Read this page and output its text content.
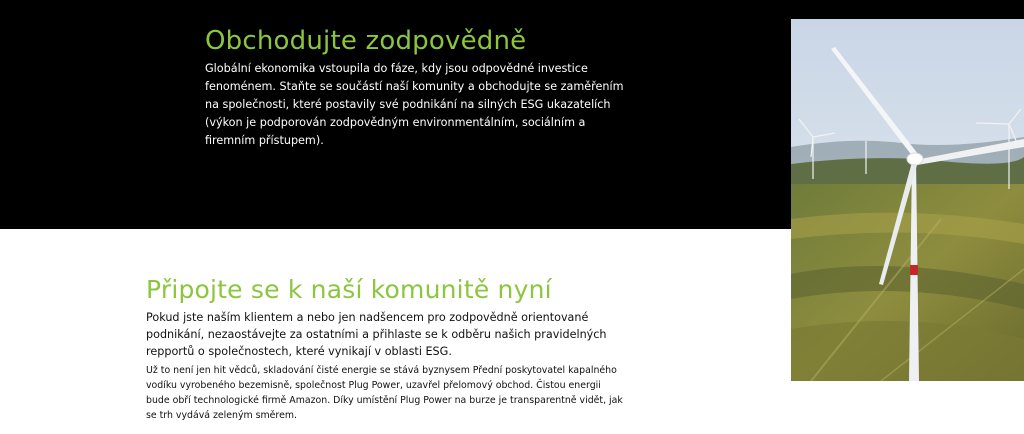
Obchodujte zodpovědně

Globální ekonomika vstoupila do fáze, kdy jsou odpovědné investice fenoménem. Staňte se součástí naší komunity a obchodujte se zaměřením na společnosti, které postavily své podnikání na silných ESG ukazatelích (výkon je podporován zodpovědným environmentálním, sociálním a firemním přístupem).

Připojte se k naší komunitě nyní

Pokud jste naším klientem a nebo jen nadšencem pro zodpovědně orientované podnikání, nezaostávejte za ostatními a přihlaste se k odběru našich pravidelných repportů o společnostech, které vynikají v oblasti ESG.

Už to není jen hit vědců, skladování čisté energie se stává byznysem Přední poskytovatel kapalného vodíku vyrobeného bezemisně, společnost Plug Power, uzavřel přelomový obchod. Čistou energii bude obří technologické firmě Amazon. Díky umístění Plug Power na burze je transparentně vidět, jak se trh vydává zeleným směrem.
